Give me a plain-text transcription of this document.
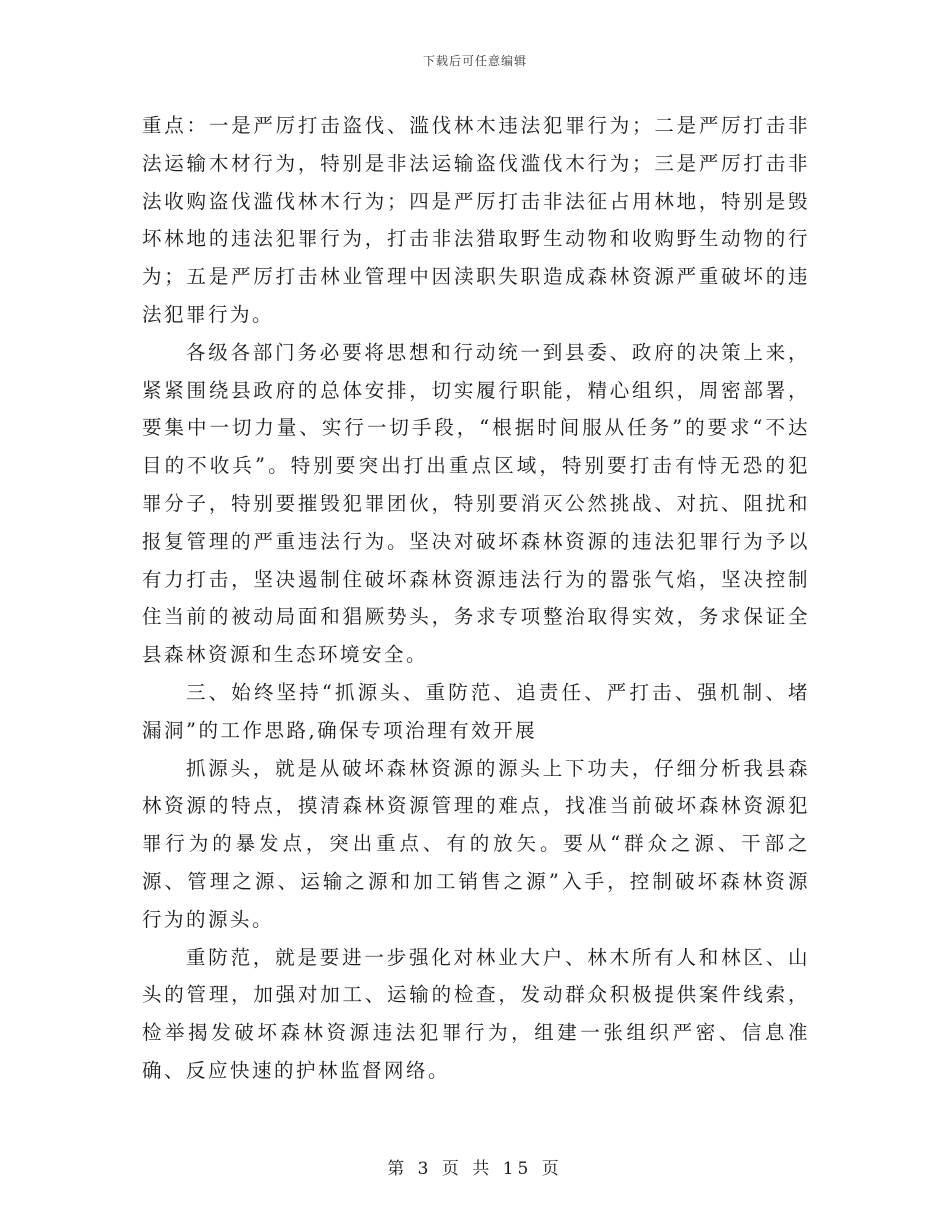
下载后可任意编辑

重点：一是严厉打击盗伐、滥伐林木违法犯罪行为；二是严厉打击非法运输木材行为，特别是非法运输盗伐滥伐木行为；三是严厉打击非法收购盗伐滥伐林木行为；四是严厉打击非法征占用林地，特别是毁坏林地的违法犯罪行为，打击非法猎取野生动物和收购野生动物的行为；五是严厉打击林业管理中因渎职失职造成森林资源严重破坏的违法犯罪行为。

各级各部门务必要将思想和行动统一到县委、政府的决策上来，紧紧围绕县政府的总体安排，切实履行职能，精心组织，周密部署，要集中一切力量、实行一切手段，“根据时间服从任务”的要求“不达目的不收兵”。特别要突出打出重点区域，特别要打击有恃无恐的犯罪分子，特别要摧毁犯罪团伙，特别要消灭公然挑战、对抗、阻扰和报复管理的严重违法行为。坚决对破坏森林资源的违法犯罪行为予以有力打击，坚决遏制住破坏森林资源违法行为的嚣张气焰，坚决控制住当前的被动局面和猖厥势头，务求专项整治取得实效，务求保证全县森林资源和生态环境安全。

三、始终坚持“抓源头、重防范、追责任、严打击、强机制、堵漏洞”的工作思路,确保专项治理有效开展

抓源头，就是从破坏森林资源的源头上下功夫，仔细分析我县森林资源的特点，摸清森林资源管理的难点，找准当前破坏森林资源犯罪行为的暴发点，突出重点、有的放矢。要从“群众之源、干部之源、管理之源、运输之源和加工销售之源”入手，控制破坏森林资源行为的源头。

重防范，就是要进一步强化对林业大户、林木所有人和林区、山头的管理，加强对加工、运输的检查，发动群众积极提供案件线索，检举揭发破坏森林资源违法犯罪行为，组建一张组织严密、信息准确、反应快速的护林监督网络。

第 3 页 共 15 页
